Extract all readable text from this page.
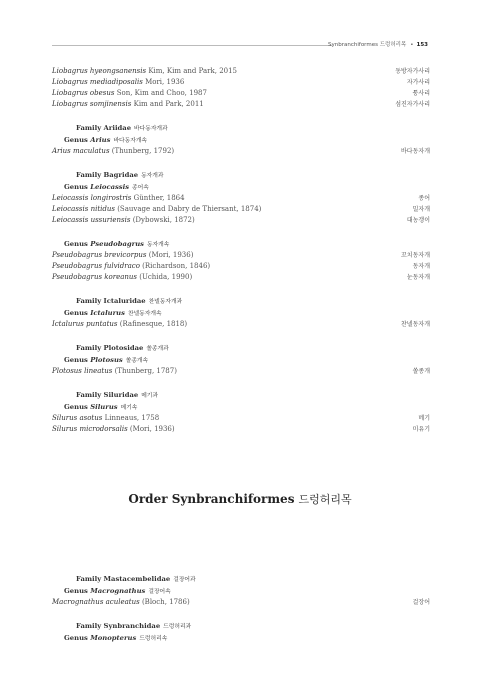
Synbranchiformes 드렁허리목 • 153
Liobagrus hyeongsanensis Kim, Kim and Park, 2015	동방자가사리
Liobagrus mediadiposalis Mori, 1936	자가사리
Liobagrus obesus Son, Kim and Choo, 1987	퉁사리
Liobagrus somjinensis Kim and Park, 2011	섬진자가사리
Family Ariidae 바다동자개과
Genus Arius 바다동자개속
Arius maculatus (Thunberg, 1792)	바다동자개
Family Bagridae 동자개과
Genus Leiocassis 종어속
Leiocassis longirostris Günther, 1864	종어
Leiocassis nitidus (Sauvage and Dabry de Thiersant, 1874)	밀자개
Leiocassis ussuriensis (Dybowski, 1872)	대농갱이
Genus Pseudobagrus 동자개속
Pseudobagrus brevicorpus (Mori, 1936)	꼬치동자개
Pseudobagrus fulvidraco (Richardson, 1846)	동자개
Pseudobagrus koreanus (Uchida, 1990)	눈동자개
Family Ictaluridae 찬넬동자개과
Genus Ictalurus 찬넬동자개속
Ictalurus puntatus (Rafinesque, 1818)	찬넬동자개
Family Plotosidae 쏠종개과
Genus Plotosus 쏠종개속
Plotosus lineatus (Thunberg, 1787)	쏠종개
Family Siluridae 메기과
Genus Silurus 메기속
Silurus asotus Linneaus, 1758	메기
Silurus microdorsalis (Mori, 1936)	미유기
Order Synbranchiformes 드렁허리목
Family Mastacembelidae 걸장어과
Genus Macrognathus 걸장어속
Macrognathus aculeatus (Bloch, 1786)	걸장어
Family Synbranchidae 드렁허리과
Genus Monopterus 드렁허리속
